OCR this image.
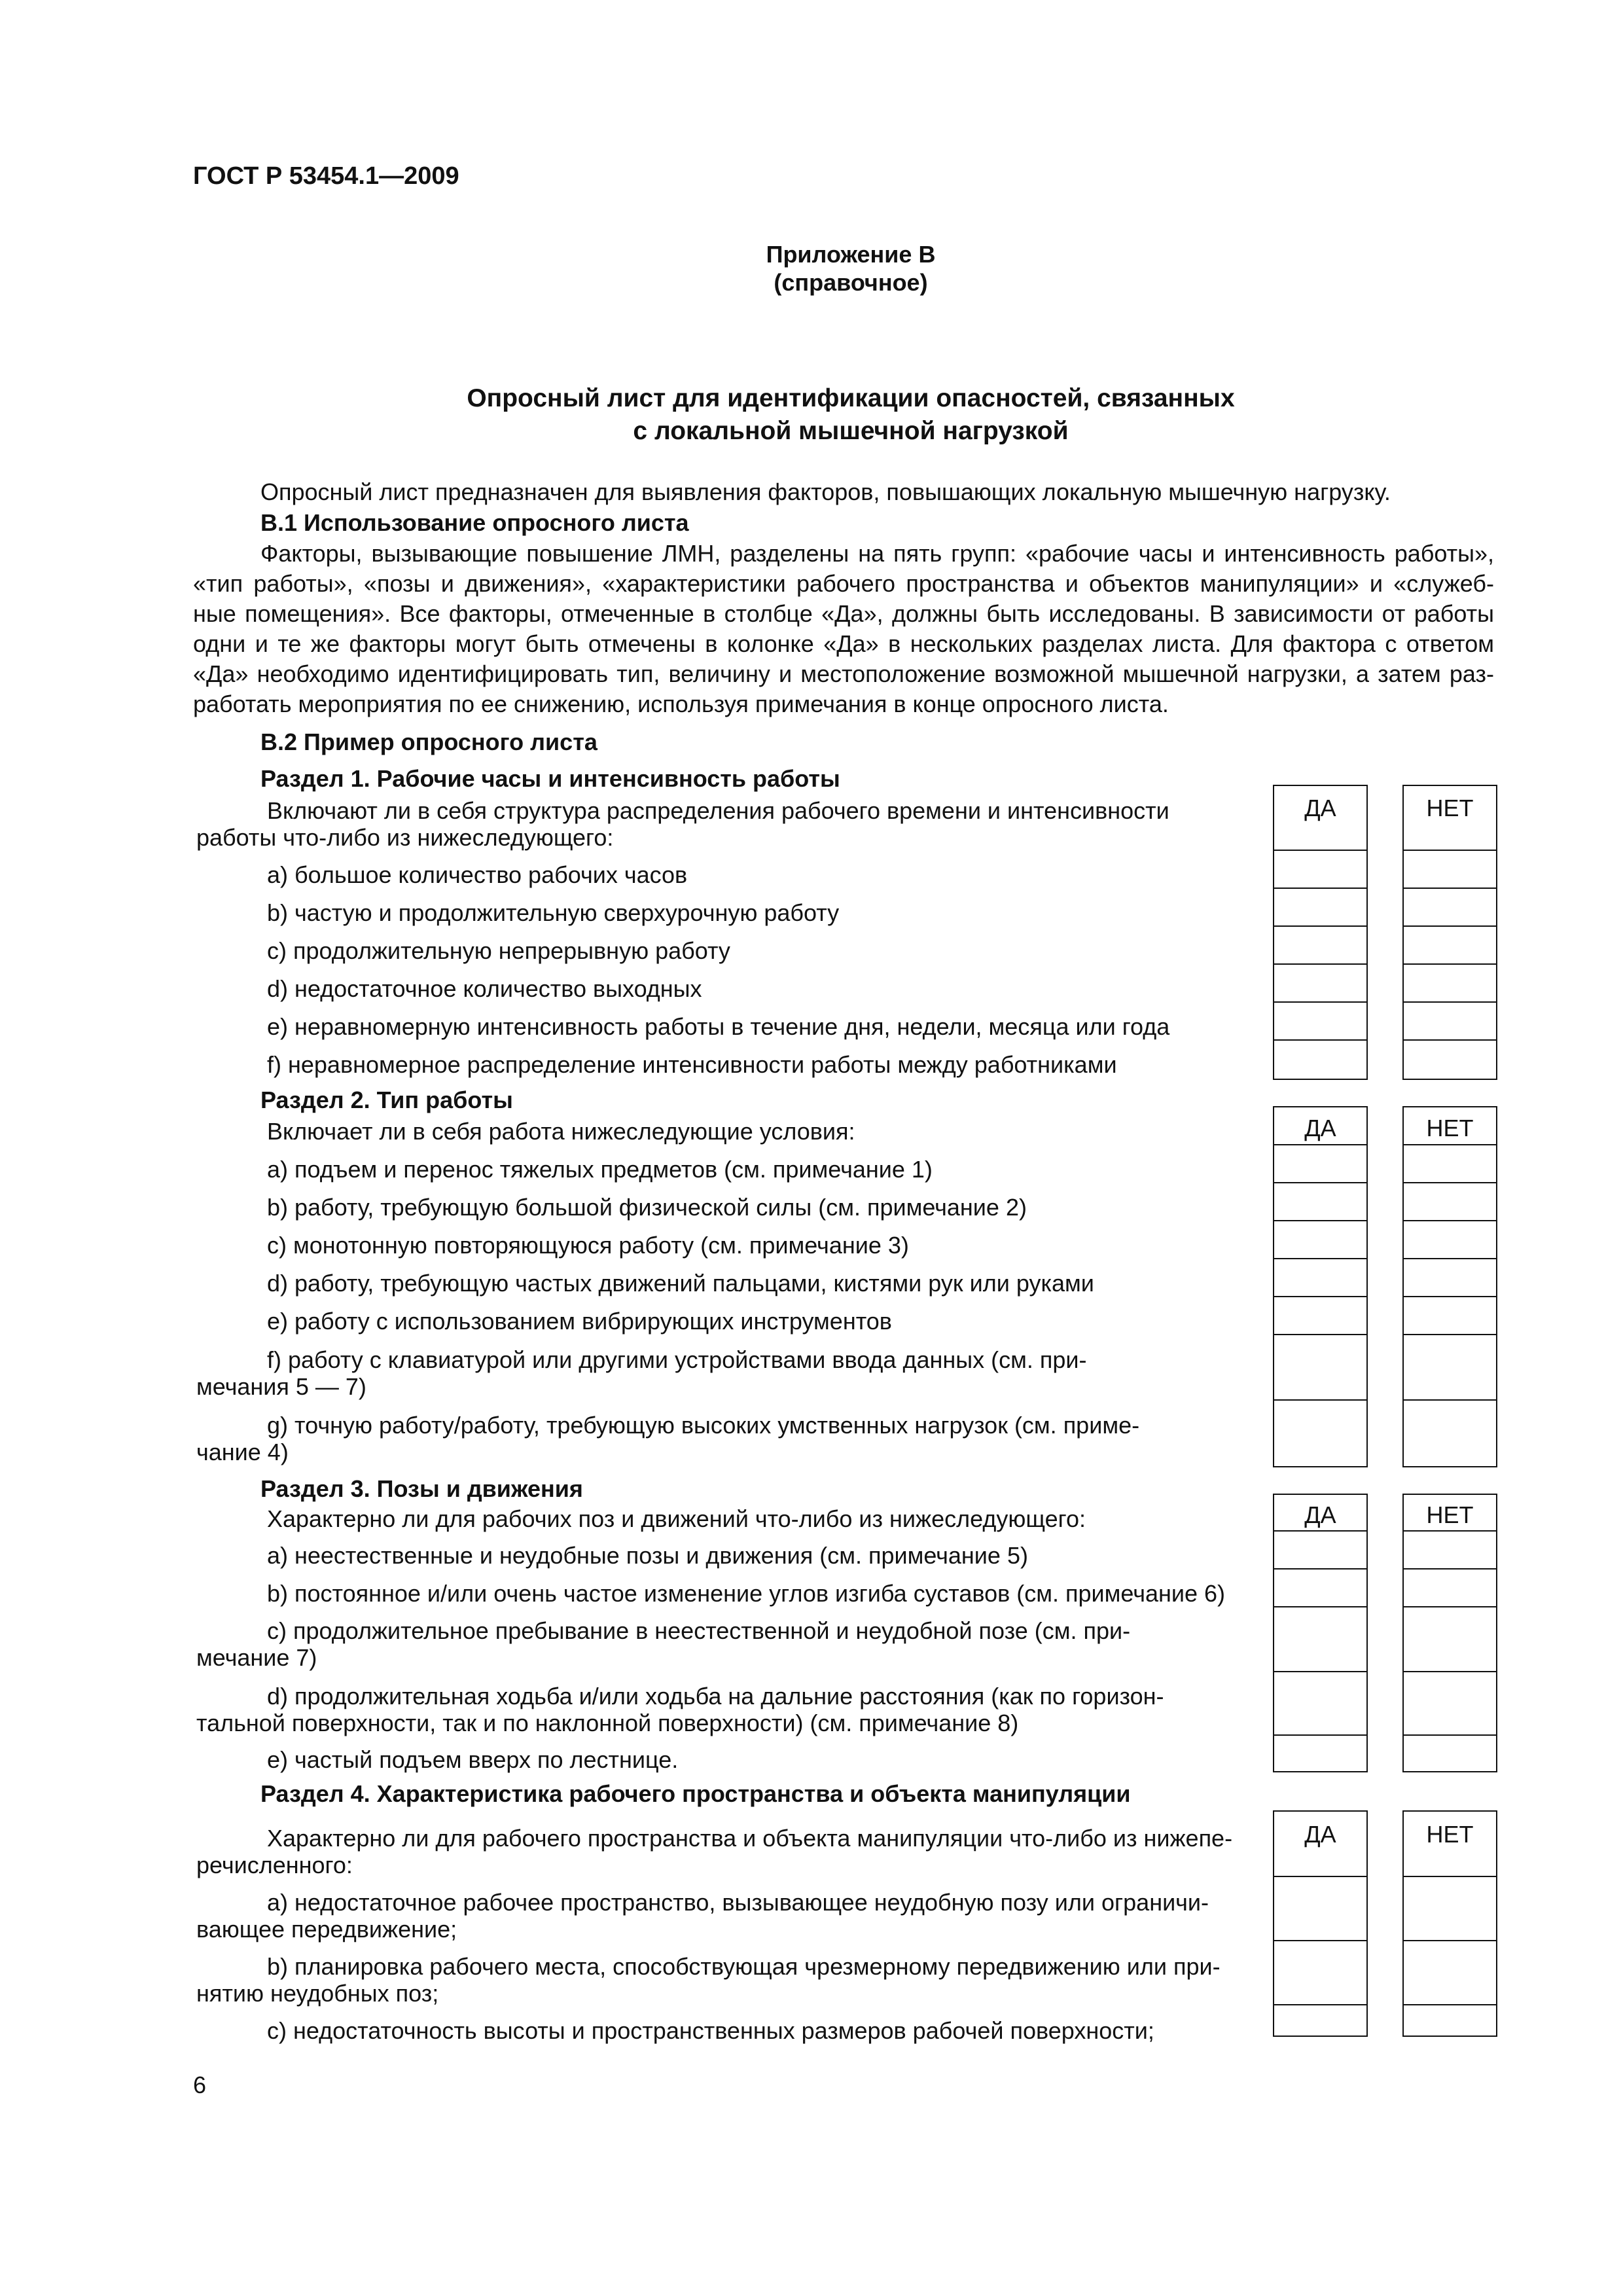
ГОСТ Р 53454.1—2009
Приложение В
(справочное)
Опросный лист для идентификации опасностей, связанных
с локальной мышечной нагрузкой
Опросный лист предназначен для выявления факторов, повышающих локальную мышечную нагрузку.
В.1 Использование опросного листа
Факторы, вызывающие повышение ЛМН, разделены на пять групп: «рабочие часы и интенсивность работы»,
«тип работы», «позы и движения», «характеристики рабочего пространства и объектов манипуляции» и «служеб-
ные помещения». Все факторы, отмеченные в столбце «Да», должны быть исследованы. В зависимости от работы
одни и те же факторы могут быть отмечены в колонке «Да» в нескольких разделах листа. Для фактора с ответом
«Да» необходимо идентифицировать тип, величину и местоположение возможной мышечной нагрузки, а затем раз-
работать мероприятия по ее снижению, используя примечания в конце опросного листа.
В.2 Пример опросного листа
Раздел 1. Рабочие часы и интенсивность работы
Включают ли в себя структура распределения рабочего времени и интенсивности
работы что-либо из нижеследующего:
a) большое количество рабочих часов
b) частую и продолжительную сверхурочную работу
c) продолжительную непрерывную работу
d) недостаточное количество выходных
e) неравномерную интенсивность работы в течение дня, недели, месяца или года
f) неравномерное распределение интенсивности работы между работниками
ДА	НЕТ
Раздел 2. Тип работы
Включает ли в себя работа нижеследующие условия:
a) подъем и перенос тяжелых предметов (см. примечание 1)
b) работу, требующую большой физической силы (см. примечание 2)
c) монотонную повторяющуюся работу (см. примечание 3)
d) работу, требующую частых движений пальцами, кистями рук или руками
e) работу с использованием вибрирующих инструментов
f) работу с клавиатурой или другими устройствами ввода данных (см. при-
мечания 5 — 7)
g) точную работу/работу, требующую высоких умственных нагрузок (см. приме-
чание 4)
ДА	НЕТ
Раздел 3. Позы и движения
Характерно ли для рабочих поз и движений что-либо из нижеследующего:
a) неестественные и неудобные позы и движения (см. примечание 5)
b) постоянное и/или очень частое изменение углов изгиба суставов (см. примечание 6)
c) продолжительное пребывание в неестественной и неудобной позе (см. при-
мечание 7)
d) продолжительная ходьба и/или ходьба на дальние расстояния (как по горизон-
тальной поверхности, так и по наклонной поверхности) (см. примечание 8)
e) частый подъем вверх по лестнице.
ДА	НЕТ
Раздел 4. Характеристика рабочего пространства и объекта манипуляции
Характерно ли для рабочего пространства и объекта манипуляции что-либо из нижепе-
речисленного:
a) недостаточное рабочее пространство, вызывающее неудобную позу или ограничи-
вающее передвижение;
b) планировка рабочего места, способствующая чрезмерному передвижению или при-
нятию неудобных поз;
c) недостаточность высоты и пространственных размеров рабочей поверхности;
ДА	НЕТ
6
